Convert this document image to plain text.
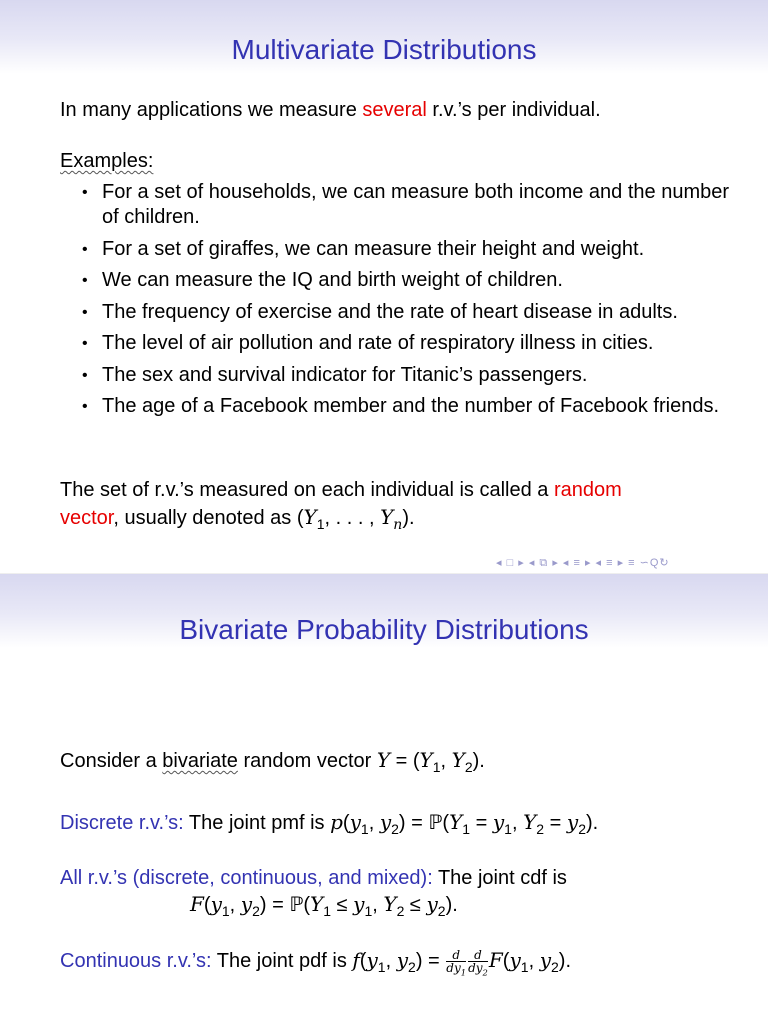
Multivariate Distributions
In many applications we measure several r.v.’s per individual.
Examples:
• For a set of households, we can measure both income and the number of children.
• For a set of giraffes, we can measure their height and weight.
• We can measure the IQ and birth weight of children.
• The frequency of exercise and the rate of heart disease in adults.
• The level of air pollution and rate of respiratory illness in cities.
• The sex and survival indicator for Titanic’s passengers.
• The age of a Facebook member and the number of Facebook friends.
The set of r.v.’s measured on each individual is called a random
vector, usually denoted as ($Y_1$, . . . , $Y_n$).
◂ □ ▸ ◂ ⧉ ▸ ◂ ≡ ▸ ◂ ≡ ▸ ≡ ∽Q↻
Bivariate Probability Distributions
Consider a bivariate random vector $Y = (Y_1$, $Y_2$).
Discrete r.v.’s: The joint pmf is $p(y_1$, $y_2$) = $ℙ(Y_1 = y_1$, $Y_2 = y_2$).
All r.v.’s (discrete, continuous, and mixed): The joint cdf is
$F(y_1$, $y_2$) = $ℙ(Y_1 \le y_1$, $Y_2 \le y_2$).
Continuous r.v.’s: The joint pdf is $f(y_1$, $y_2) = \frac{d}{dy_1} \frac{d}{dy_2} F(y_1$, $y_2$).
